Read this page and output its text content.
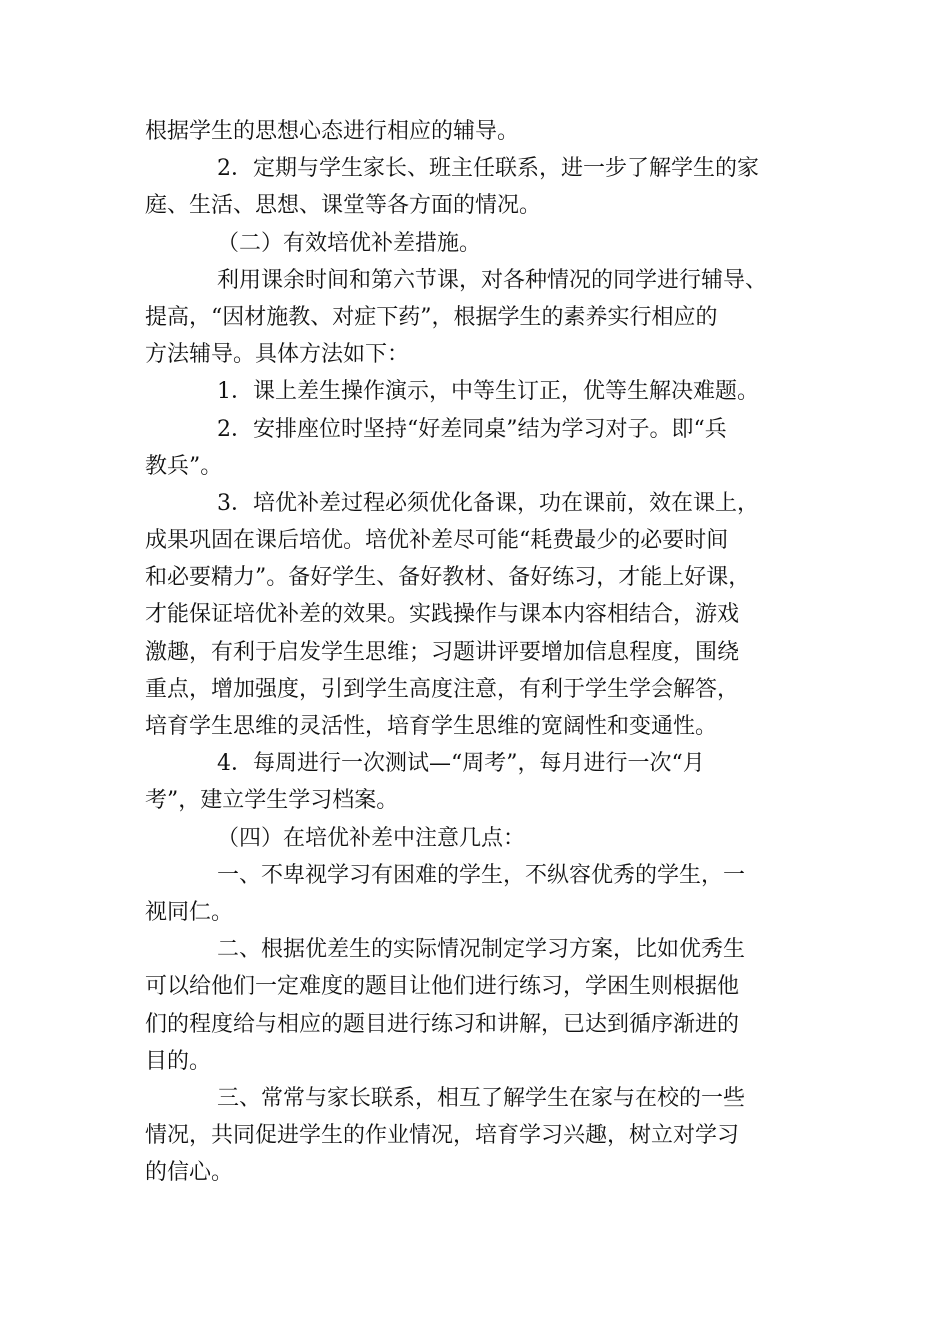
根据学生的思想心态进行相应的辅导。
2．定期与学生家长、班主任联系，进一步了解学生的家
庭、生活、思想、课堂等各方面的情况。
（二）有效培优补差措施。
利用课余时间和第六节课，对各种情况的同学进行辅导、
提高，“因材施教、对症下药”，根据学生的素养实行相应的
方法辅导。具体方法如下：
1．课上差生操作演示，中等生订正，优等生解决难题。
2．安排座位时坚持“好差同桌”结为学习对子。即“兵
教兵”。
3．培优补差过程必须优化备课，功在课前，效在课上，
成果巩固在课后培优。培优补差尽可能“耗费最少的必要时间
和必要精力”。备好学生、备好教材、备好练习，才能上好课，
才能保证培优补差的效果。实践操作与课本内容相结合，游戏
激趣，有利于启发学生思维；习题讲评要增加信息程度，围绕
重点，增加强度，引到学生高度注意，有利于学生学会解答，
培育学生思维的灵活性，培育学生思维的宽阔性和变通性。
4．每周进行一次测试—“周考”，每月进行一次“月
考”，建立学生学习档案。
（四）在培优补差中注意几点：
一、不卑视学习有困难的学生，不纵容优秀的学生，一
视同仁。
二、根据优差生的实际情况制定学习方案，比如优秀生
可以给他们一定难度的题目让他们进行练习，学困生则根据他
们的程度给与相应的题目进行练习和讲解，已达到循序渐进的
目的。
三、常常与家长联系，相互了解学生在家与在校的一些
情况，共同促进学生的作业情况，培育学习兴趣，树立对学习
的信心。
